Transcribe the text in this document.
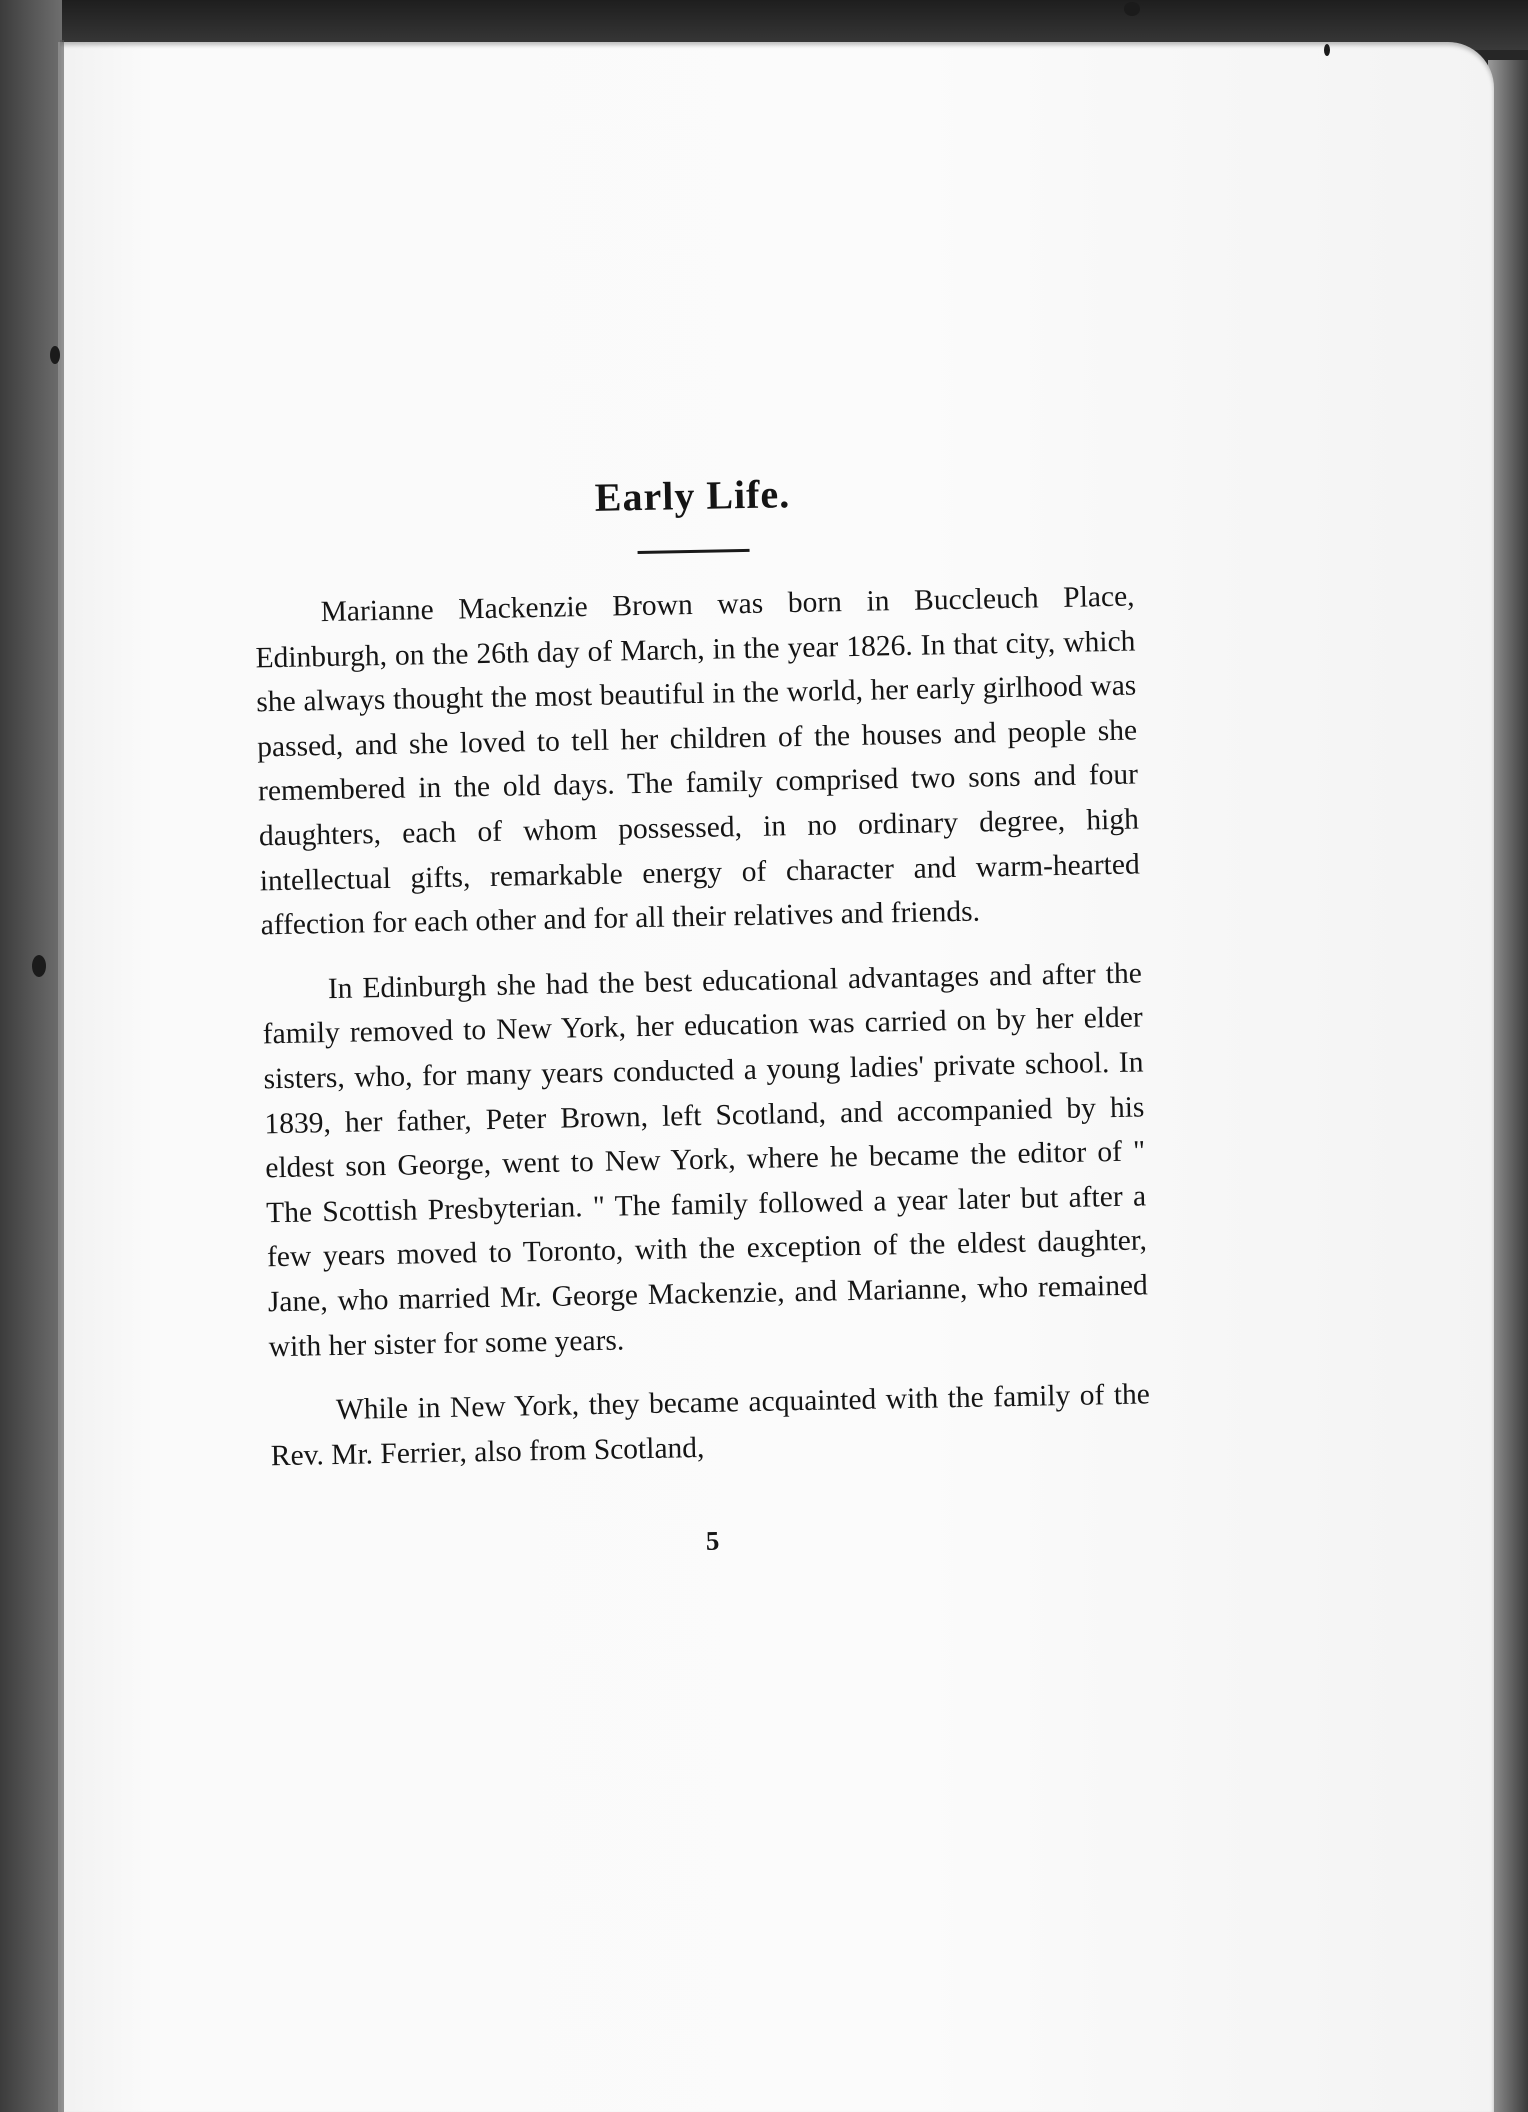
Early Life.

Marianne Mackenzie Brown was born in Buccleuch Place, Edinburgh, on the 26th day of March, in the year 1826. In that city, which she always thought the most beautiful in the world, her early girlhood was passed, and she loved to tell her children of the houses and people she remembered in the old days. The family comprised two sons and four daughters, each of whom possessed, in no ordinary degree, high intellectual gifts, remarkable energy of character and warm-hearted affection for each other and for all their relatives and friends.

In Edinburgh she had the best educational advantages and after the family removed to New York, her education was carried on by her elder sisters, who, for many years conducted a young ladies' private school. In 1839, her father, Peter Brown, left Scotland, and accompanied by his eldest son George, went to New York, where he became the editor of " The Scottish Presbyterian. " The family followed a year later but after a few years moved to Toronto, with the exception of the eldest daughter, Jane, who married Mr. George Mackenzie, and Marianne, who remained with her sister for some years.

While in New York, they became acquainted with the family of the Rev. Mr. Ferrier, also from Scotland,

5
